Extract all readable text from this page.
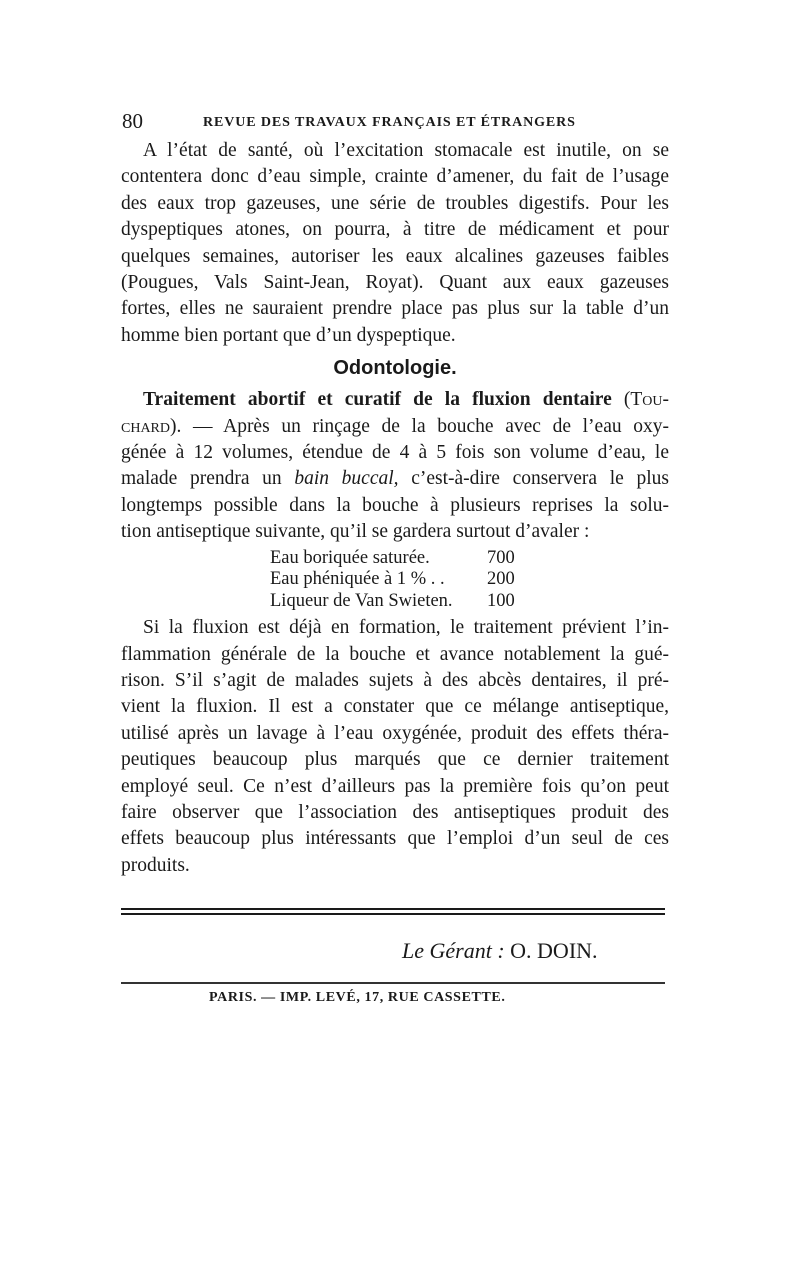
80	REVUE DES TRAVAUX FRANÇAIS ET ÉTRANGERS

A l’état de santé, où l’excitation stomacale est inutile, on se
contentera donc d’eau simple, crainte d’amener, du fait de l’usage
des eaux trop gazeuses, une série de troubles digestifs. Pour les
dyspeptiques atones, on pourra, à titre de médicament et pour
quelques semaines, autoriser les eaux alcalines gazeuses faibles
(Pougues, Vals Saint-Jean, Royat). Quant aux eaux gazeuses
fortes, elles ne sauraient prendre place pas plus sur la table d’un
homme bien portant que d’un dyspeptique.

Odontologie.

Traitement abortif et curatif de la fluxion dentaire (Tou-
chard). — Après un rinçage de la bouche avec de l’eau oxy-
génée à 12 volumes, étendue de 4 à 5 fois son volume d’eau, le
malade prendra un bain buccal, c’est-à-dire conservera le plus
longtemps possible dans la bouche à plusieurs reprises la solu-
tion antiseptique suivante, qu’il se gardera surtout d’avaler :

Eau boriquée saturée.	700
Eau phéniquée à 1 % . .	200
Liqueur de Van Swieten.	100

Si la fluxion est déjà en formation, le traitement prévient l’in-
flammation générale de la bouche et avance notablement la gué-
rison. S’il s’agit de malades sujets à des abcès dentaires, il pré-
vient la fluxion. Il est a constater que ce mélange antiseptique,
utilisé après un lavage à l’eau oxygénée, produit des effets théra-
peutiques beaucoup plus marqués que ce dernier traitement
employé seul. Ce n’est d’ailleurs pas la première fois qu’on peut
faire observer que l’association des antiseptiques produit des
effets beaucoup plus intéressants que l’emploi d’un seul de ces
produits.

Le Gérant : O. DOIN.
PARIS. — IMP. LEVÉ, 17, RUE CASSETTE.
